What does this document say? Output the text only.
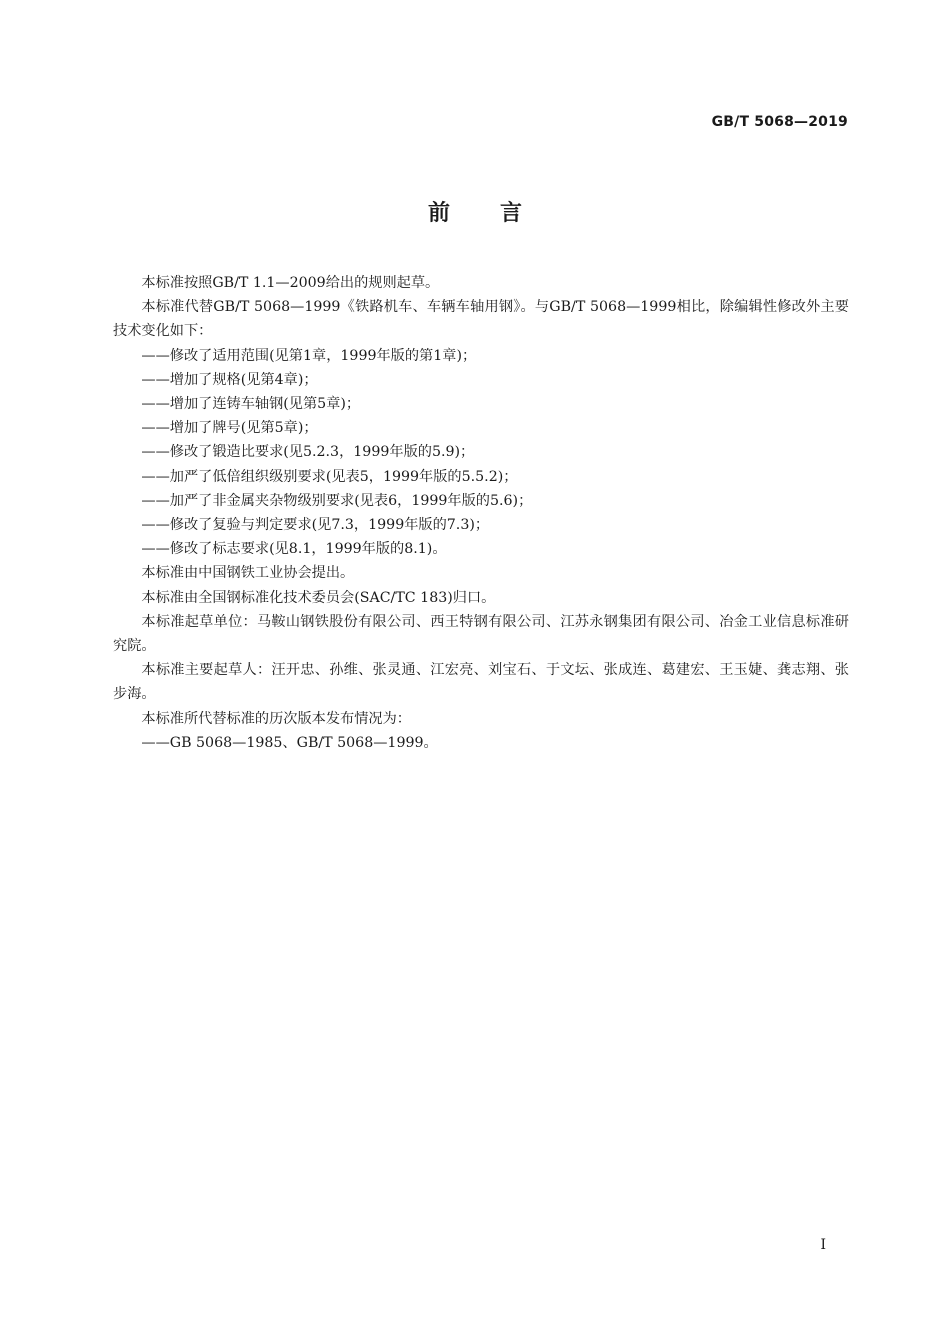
GB/T 5068—2019
前言

本标准按照GB/T 1.1—2009给出的规则起草。

本标准代替GB/T 5068—1999《铁路机车、车辆车轴用钢》。与GB/T 5068—1999相比，除编辑性修改外主要技术变化如下：

——修改了适用范围(见第1章，1999年版的第1章)；

——增加了规格(见第4章)；

——增加了连铸车轴钢(见第5章)；

——增加了牌号(见第5章)；

——修改了锻造比要求(见5.2.3，1999年版的5.9)；

——加严了低倍组织级别要求(见表5，1999年版的5.5.2)；

——加严了非金属夹杂物级别要求(见表6，1999年版的5.6)；

——修改了复验与判定要求(见7.3，1999年版的7.3)；

——修改了标志要求(见8.1，1999年版的8.1)。

本标准由中国钢铁工业协会提出。

本标准由全国钢标准化技术委员会(SAC/TC 183)归口。

本标准起草单位：马鞍山钢铁股份有限公司、西王特钢有限公司、江苏永钢集团有限公司、冶金工业信息标准研究院。

本标准主要起草人：汪开忠、孙维、张灵通、江宏亮、刘宝石、于文坛、张成连、葛建宏、王玉婕、龚志翔、张步海。

本标准所代替标准的历次版本发布情况为：

——GB 5068—1985、GB/T 5068—1999。

I
